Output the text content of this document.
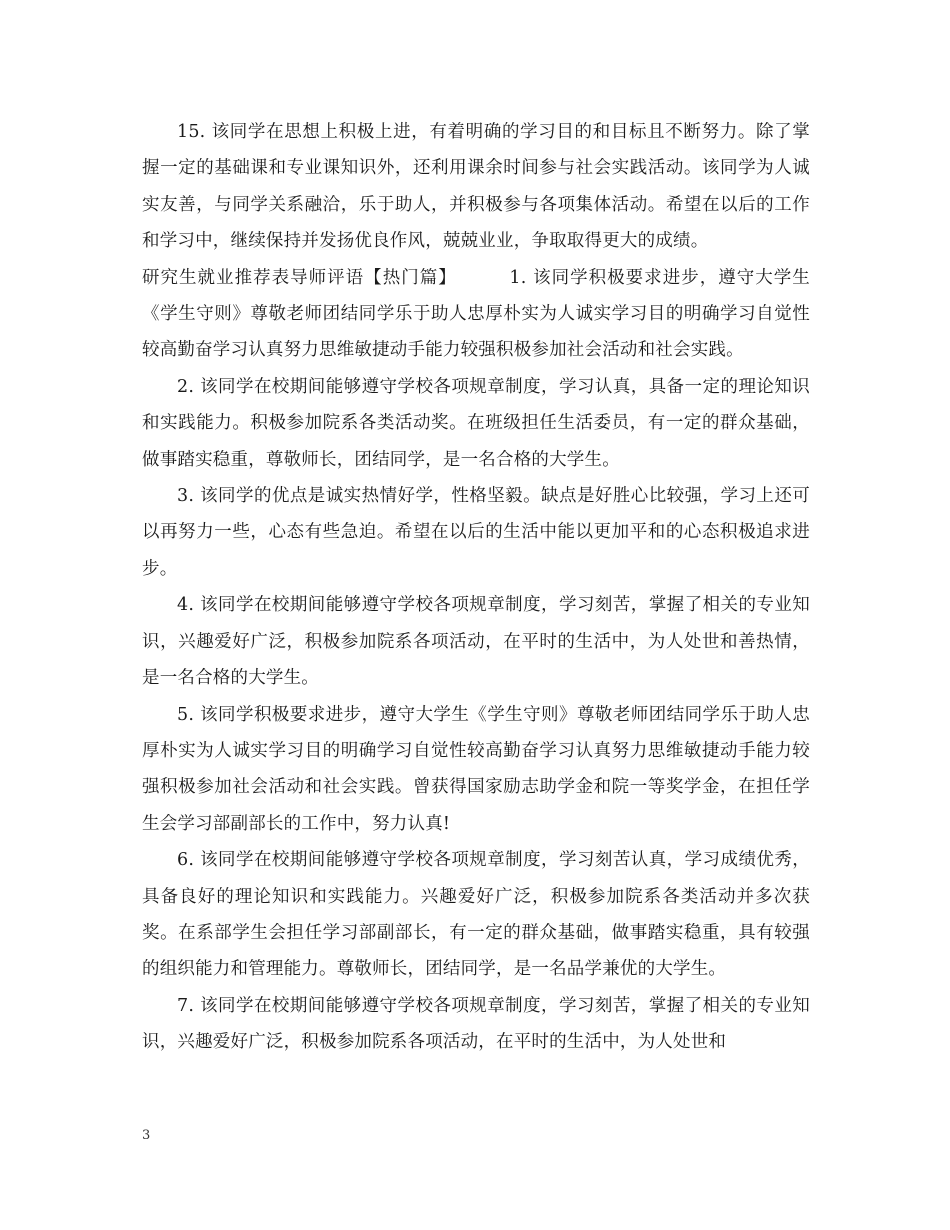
15. 该同学在思想上积极上进，有着明确的学习目的和目标且不断努力。除了掌握一定的基础课和专业课知识外，还利用课余时间参与社会实践活动。该同学为人诚实友善，与同学关系融洽，乐于助人，并积极参与各项集体活动。希望在以后的工作和学习中，继续保持并发扬优良作风，兢兢业业，争取取得更大的成绩。

研究生就业推荐表导师评语【热门篇】	1. 该同学积极要求进步，遵守大学生《学生守则》尊敬老师团结同学乐于助人忠厚朴实为人诚实学习目的明确学习自觉性较高勤奋学习认真努力思维敏捷动手能力较强积极参加社会活动和社会实践。

2. 该同学在校期间能够遵守学校各项规章制度，学习认真，具备一定的理论知识和实践能力。积极参加院系各类活动奖。在班级担任生活委员，有一定的群众基础，做事踏实稳重，尊敬师长，团结同学，是一名合格的大学生。

3. 该同学的优点是诚实热情好学，性格坚毅。缺点是好胜心比较强，学习上还可以再努力一些，心态有些急迫。希望在以后的生活中能以更加平和的心态积极追求进步。

4. 该同学在校期间能够遵守学校各项规章制度，学习刻苦，掌握了相关的专业知识，兴趣爱好广泛，积极参加院系各项活动，在平时的生活中，为人处世和善热情，是一名合格的大学生。

5. 该同学积极要求进步，遵守大学生《学生守则》尊敬老师团结同学乐于助人忠厚朴实为人诚实学习目的明确学习自觉性较高勤奋学习认真努力思维敏捷动手能力较强积极参加社会活动和社会实践。曾获得国家励志助学金和院一等奖学金，在担任学生会学习部副部长的工作中，努力认真!

6. 该同学在校期间能够遵守学校各项规章制度，学习刻苦认真，学习成绩优秀，具备良好的理论知识和实践能力。兴趣爱好广泛，积极参加院系各类活动并多次获奖。在系部学生会担任学习部副部长，有一定的群众基础，做事踏实稳重，具有较强的组织能力和管理能力。尊敬师长，团结同学，是一名品学兼优的大学生。

7. 该同学在校期间能够遵守学校各项规章制度，学习刻苦，掌握了相关的专业知识，兴趣爱好广泛，积极参加院系各项活动，在平时的生活中，为人处世和

3
